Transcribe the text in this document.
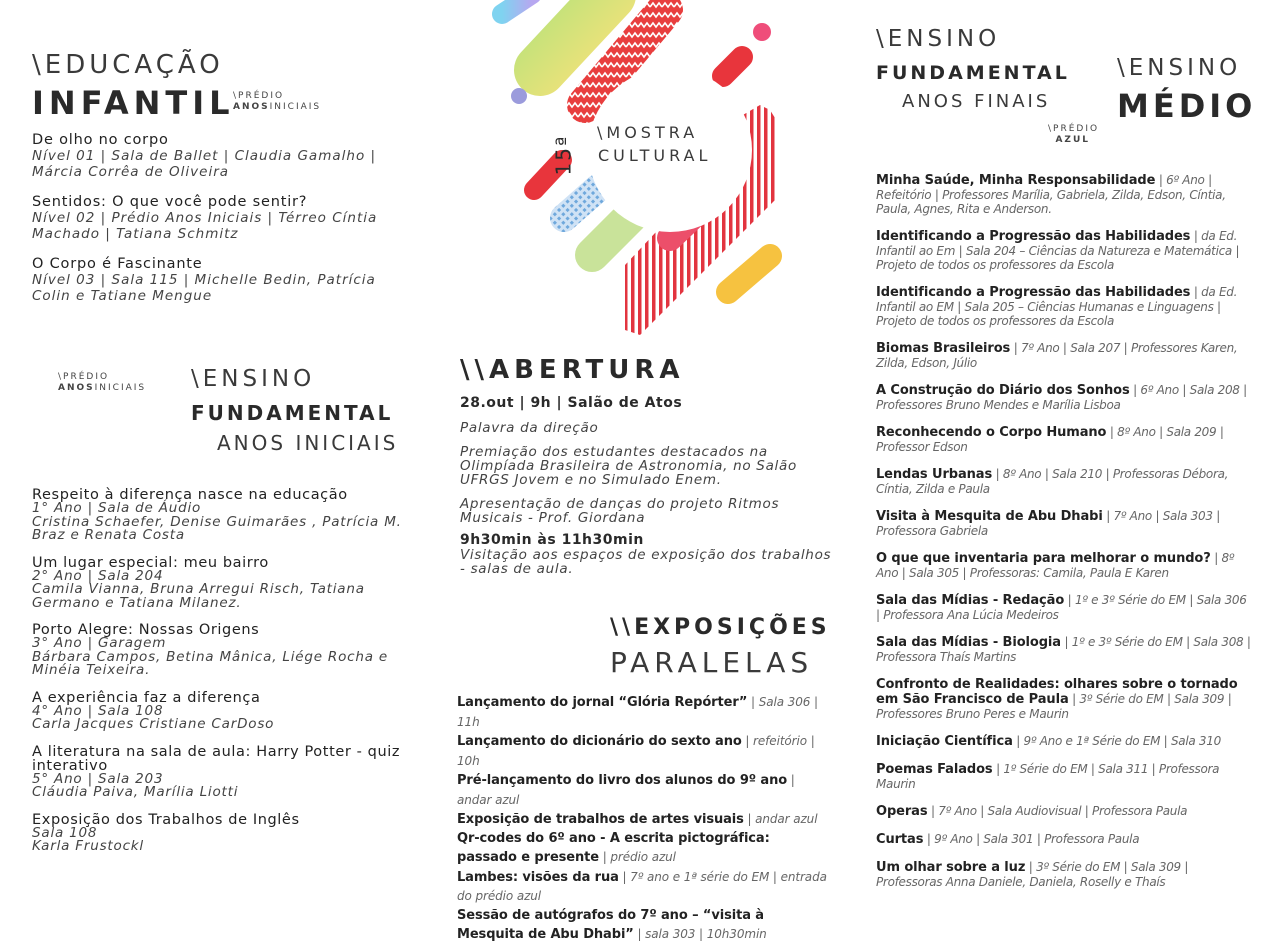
\EDUCAÇÃO
INFANTIL
\PRÉDIO
ANOSINICIAIS
De olho no corpo
Nível 01 | Sala de Ballet | Claudia Gamalho | Márcia Corrêa de Oliveira
Sentidos: O que você pode sentir?
Nível 02 | Prédio Anos Iniciais | Térreo Cíntia Machado | Tatiana Schmitz
O Corpo é Fascinante
Nível 03 | Sala 115 | Michelle Bedin, Patrícia Colin e Tatiane Mengue
\PRÉDIO
ANOSINICIAIS \ENSINO
FUNDAMENTAL
ANOS INICIAIS
Respeito à diferença nasce na educação
1° Ano | Sala de Áudio
Cristina Schaefer, Denise Guimarães , Patrícia M. Braz e Renata Costa
Um lugar especial: meu bairro
2° Ano | Sala 204
Camila Vianna, Bruna Arregui Risch, Tatiana Germano e Tatiana Milanez.
Porto Alegre: Nossas Origens
3° Ano | Garagem
Bárbara Campos, Betina Mânica, Liége Rocha e Minéia Teixeira.
A experiência faz a diferença
4° Ano | Sala 108
Carla Jacques Cristiane CarDoso
A literatura na sala de aula: Harry Potter - quiz interativo
5° Ano | Sala 203
Cláudia Paiva, Marília Liotti
Exposição dos Trabalhos de Inglês
Sala 108
Karla Frustockl
15ª
\MOSTRA
CULTURAL
\\ABERTURA

28.out | 9h | Salão de Atos

Palavra da direção

Premiação dos estudantes destacados na Olimpíada Brasileira de Astronomia, no Salão UFRGS Jovem e no Simulado Enem.

Apresentação de danças do projeto Ritmos Musicais - Prof. Giordana

9h30min às 11h30min

Visitação aos espaços de exposição dos trabalhos - salas de aula.

\\EXPOSIÇÕES
PARALELAS
Lançamento do jornal “Glória Repórter” | Sala 306 | 11h
Lançamento do dicionário do sexto ano | refeitório | 10h
Pré-lançamento do livro dos alunos do 9º ano | andar azul
Exposição de trabalhos de artes visuais | andar azul
Qr-codes do 6º ano - A escrita pictográfica: passado e presente | prédio azul
Lambes: visões da rua | 7º ano e 1ª série do EM | entrada do prédio azul
Sessão de autógrafos do 7º ano – “visita à Mesquita de Abu Dhabi” | sala 303 | 10h30min
\ENSINO
FUNDAMENTAL
ANOS FINAIS
\PRÉDIO
AZUL
\ENSINO
MÉDIO
Minha Saúde, Minha Responsabilidade | 6º Ano | Refeitório | Professores Marília, Gabriela, Zilda, Edson, Cíntia, Paula, Agnes, Rita e Anderson.
Identificando a Progressão das Habilidades | da Ed. Infantil ao Em | Sala 204 – Ciências da Natureza e Matemática | Projeto de todos os professores da Escola
Identificando a Progressão das Habilidades | da Ed. Infantil ao EM | Sala 205 – Ciências Humanas e Linguagens | Projeto de todos os professores da Escola
Biomas Brasileiros | 7º Ano | Sala 207 | Professores Karen, Zilda, Edson, Júlio
A Construção do Diário dos Sonhos | 6º Ano | Sala 208 | Professores Bruno Mendes e Marília Lisboa
Reconhecendo o Corpo Humano | 8º Ano | Sala 209 | Professor Edson
Lendas Urbanas | 8º Ano | Sala 210 | Professoras Débora, Cíntia, Zilda e Paula
Visita à Mesquita de Abu Dhabi | 7º Ano | Sala 303 | Professora Gabriela
O que que inventaria para melhorar o mundo? | 8º Ano | Sala 305 | Professoras: Camila, Paula E Karen
Sala das Mídias - Redação | 1º e 3º Série do EM | Sala 306 | Professora Ana Lúcia Medeiros
Sala das Mídias - Biologia | 1º e 3º Série do EM | Sala 308 | Professora Thaís Martins
Confronto de Realidades: olhares sobre o tornado em São Francisco de Paula | 3º Série do EM | Sala 309 | Professores Bruno Peres e Maurin
Iniciação Científica | 9º Ano e 1ª Série do EM | Sala 310
Poemas Falados | 1º Série do EM | Sala 311 | Professora Maurin
Operas | 7º Ano | Sala Audiovisual | Professora Paula
Curtas | 9º Ano | Sala 301 | Professora Paula
Um olhar sobre a luz | 3º Série do EM | Sala 309 | Professoras Anna Daniele, Daniela, Roselly e Thaís
